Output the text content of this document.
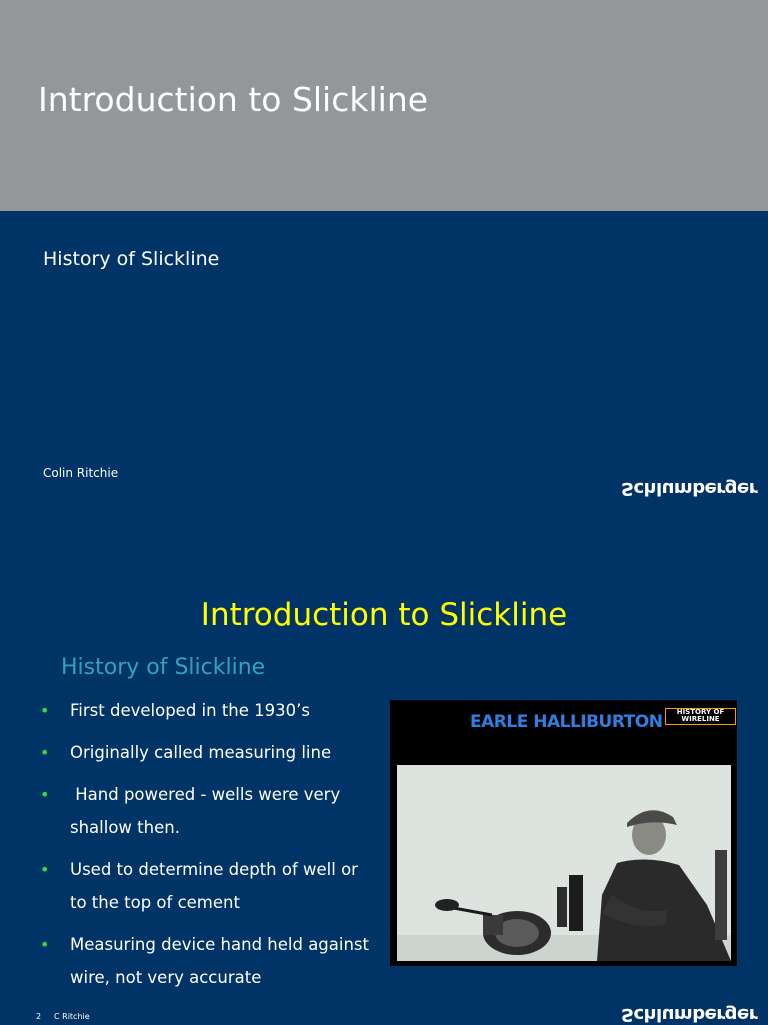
Introduction to Slickline
History of Slickline
Colin Ritchie
Schlumberger
Introduction to Slickline
History of Slickline
• First developed in the 1930’s
• Originally called measuring line
• Hand powered - wells were very shallow then.
• Used to determine depth of well or to the top of cement
• Measuring device hand held against wire, not very accurate
EARLE HALLIBURTON	HISTORY OF
WIRELINE
2 C Ritchie	Schlumberger
